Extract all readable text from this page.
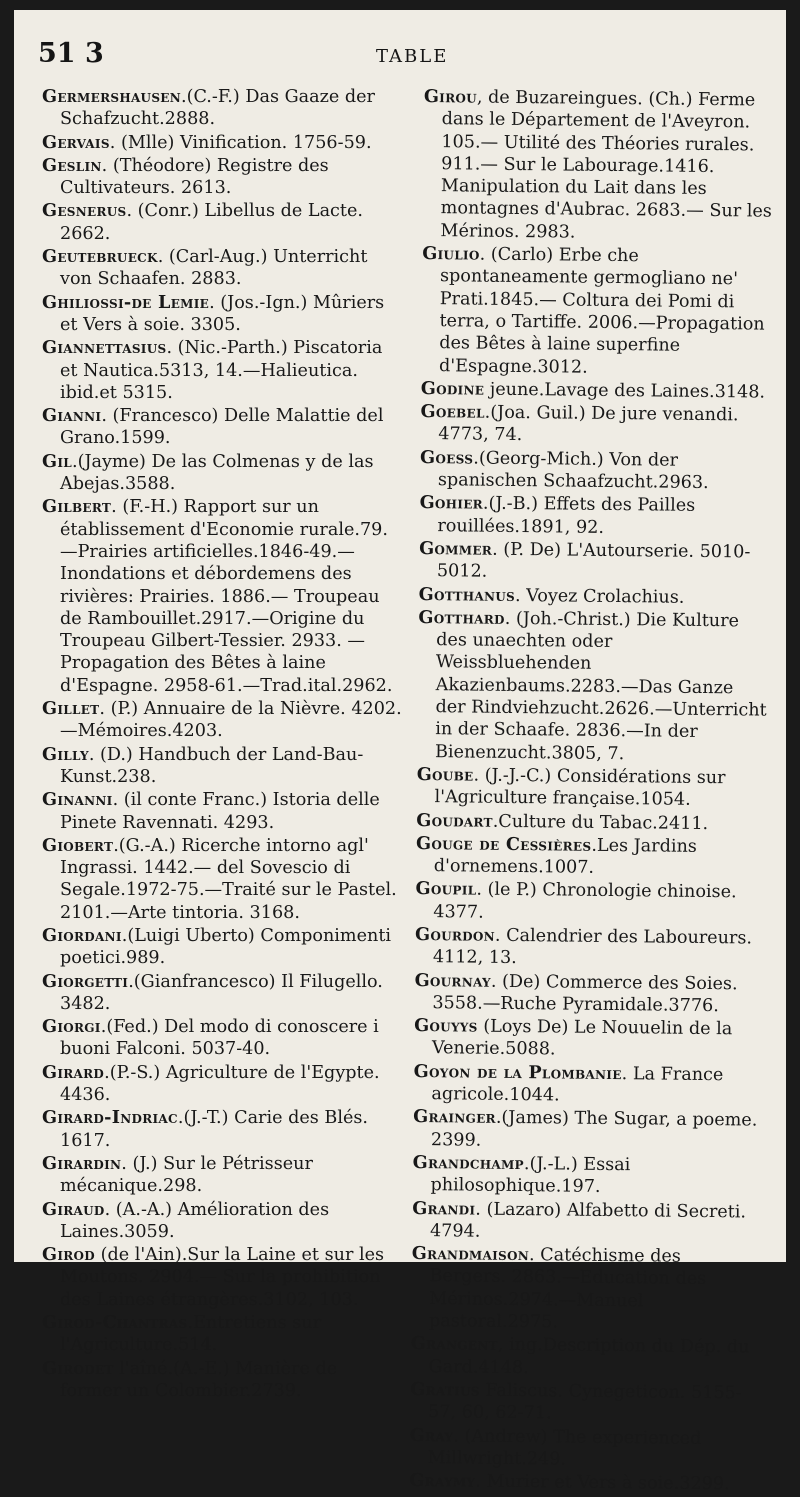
51 3	TABLE
Germershausen.(C.-F.) Das Gaaze der Schafzucht.2888.
Gervais. (Mlle) Vinification. 1756-59.
Geslin. (Théodore) Registre des Cultivateurs. 2613.
Gesnerus. (Conr.) Libellus de Lacte. 2662.
Geutebrueck. (Carl-Aug.) Unterricht von Schaafen. 2883.
Ghiliossi-de Lemie. (Jos.-Ign.) Mûriers et Vers à soie. 3305.
Giannettasius. (Nic.-Parth.) Piscatoria et Nautica.5313, 14.—Halieutica. ibid.et 5315.
Gianni. (Francesco) Delle Malattie del Grano.1599.
Gil.(Jayme) De las Colmenas y de las Abejas.3588.
Gilbert. (F.-H.) Rapport sur un établissement d'Economie rurale.79.—Prairies artificielles.1846-49.—Inondations et débordemens des rivières: Prairies. 1886.— Troupeau de Rambouillet.2917.—Origine du Troupeau Gilbert-Tessier. 2933. — Propagation des Bêtes à laine d'Espagne. 2958-61.—Trad.ital.2962.
Gillet. (P.) Annuaire de la Nièvre. 4202.—Mémoires.4203.
Gilly. (D.) Handbuch der Land-Bau-Kunst.238.
Ginanni. (il conte Franc.) Istoria delle Pinete Ravennati. 4293.
Giobert.(G.-A.) Ricerche intorno agl' Ingrassi. 1442.— del Sovescio di Segale.1972-75.—Traité sur le Pastel. 2101.—Arte tintoria. 3168.
Giordani.(Luigi Uberto) Componimenti poetici.989.
Giorgetti.(Gianfrancesco) Il Filugello. 3482.
Giorgi.(Fed.) Del modo di conoscere i buoni Falconi. 5037-40.
Girard.(P.-S.) Agriculture de l'Egypte. 4436.
Girard-Indriac.(J.-T.) Carie des Blés. 1617.
Girardin. (J.) Sur le Pétrisseur mécanique.298.
Giraud. (A.-A.) Amélioration des Laines.3059.
Girod (de l'Ain).Sur la Laine et sur les Moutons. 2904.— Sur la prohibition des Laines étrangères.3102, 103.
Girod-Chantras.Entretiens sur l'Agriculture.514.
Girodet l'aîné.(A.-E.) Manière de former un Colombier.2739.
Girou, de Buzareingues. (Ch.) Ferme dans le Département de l'Aveyron. 105.— Utilité des Théories rurales. 911.— Sur le Labourage.1416. Manipulation du Lait dans les montagnes d'Aubrac. 2683.— Sur les Mérinos. 2983.
Giulio. (Carlo) Erbe che spontaneamente germogliano ne' Prati.1845.— Coltura dei Pomi di terra, o Tartiffe. 2006.—Propagation des Bêtes à laine superfine d'Espagne.3012.
Godine jeune.Lavage des Laines.3148.
Goebel.(Joa. Guil.) De jure venandi. 4773, 74.
Goess.(Georg-Mich.) Von der spanischen Schaafzucht.2963.
Gohier.(J.-B.) Effets des Pailles rouillées.1891, 92.
Gommer. (P. De) L'Autourserie. 5010-5012.
Gotthanus. Voyez Crolachius.
Gotthard. (Joh.-Christ.) Die Kulture des unaechten oder Weissbluehenden Akazienbaums.2283.—Das Ganze der Rindviehzucht.2626.—Unterricht in der Schaafe. 2836.—In der Bienenzucht.3805, 7.
Goube. (J.-J.-C.) Considérations sur l'Agriculture française.1054.
Goudart.Culture du Tabac.2411.
Gouge de Cessières.Les Jardins d'ornemens.1007.
Goupil. (le P.) Chronologie chinoise. 4377.
Gourdon. Calendrier des Laboureurs. 4112, 13.
Gournay. (De) Commerce des Soies. 3558.—Ruche Pyramidale.3776.
Gouyys (Loys De) Le Nouuelin de la Venerie.5088.
Goyon de la Plombanie. La France agricole.1044.
Grainger.(James) The Sugar, a poeme. 2399.
Grandchamp.(J.-L.) Essai philosophique.197.
Grandi. (Lazaro) Alfabetto di Secreti. 4794.
Grandmaison. Catéchisme des Bergers. 2863.—Education des Mérinos.2974.—Manuel pastoral.2975.
Grangent, ing.Description du Dép. du Gard.4148.
Gratius Faliscus. Cynegeticon. 5155-57, 60, 62-71.
Gray. (Andrew) The experienced Millwright.249.
Graymy. Murier et Vers à soie.3299.
